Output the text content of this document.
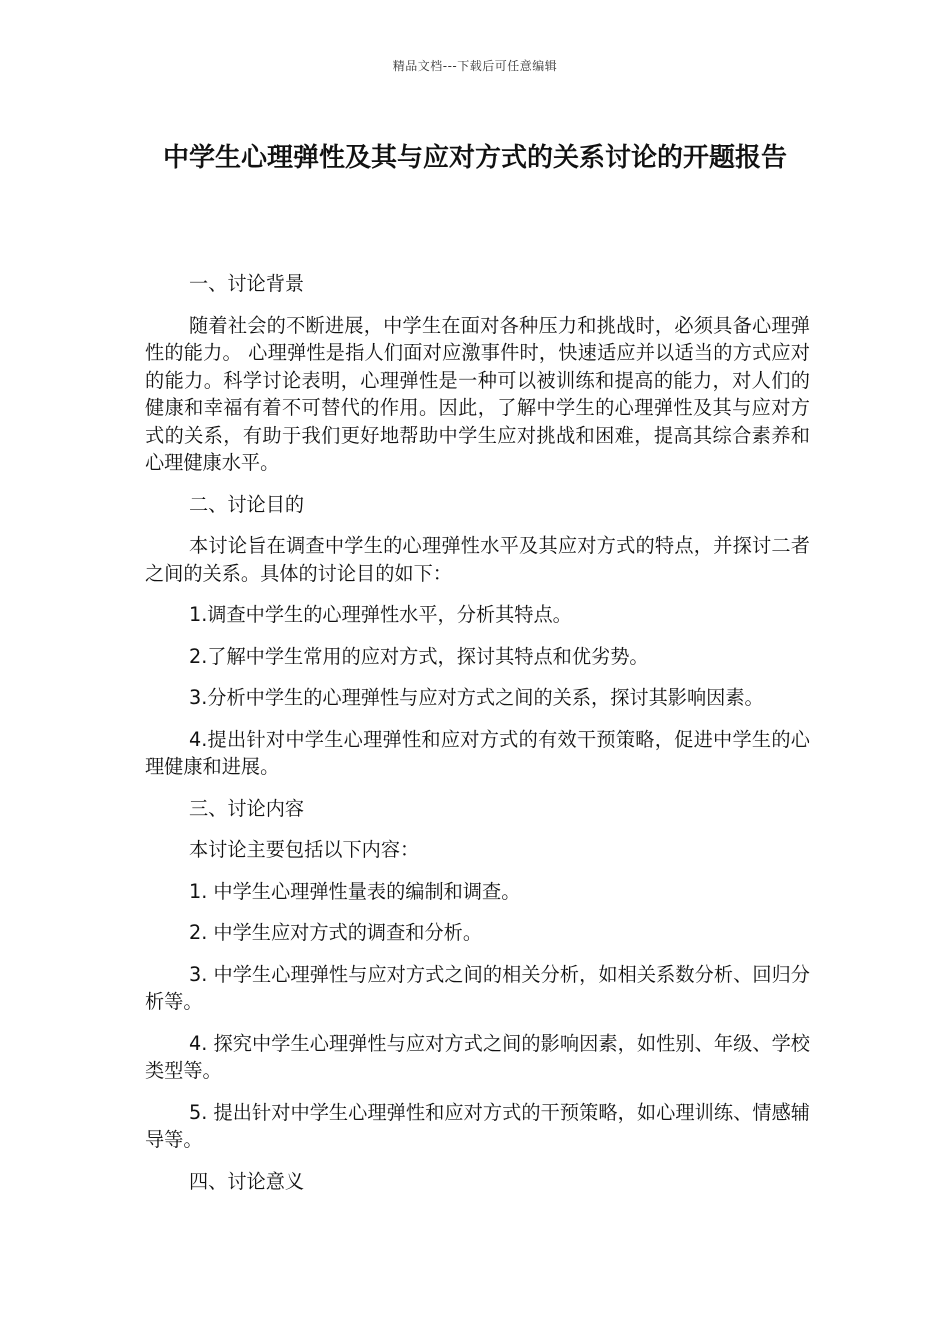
精品文档---下载后可任意编辑
中学生心理弹性及其与应对方式的关系讨论的开题报告
一、讨论背景

随着社会的不断进展，中学生在面对各种压力和挑战时，必须具备心理弹性的能力。 心理弹性是指人们面对应激事件时，快速适应并以适当的方式应对的能力。科学讨论表明，心理弹性是一种可以被训练和提高的能力，对人们的健康和幸福有着不可替代的作用。因此，了解中学生的心理弹性及其与应对方式的关系，有助于我们更好地帮助中学生应对挑战和困难，提高其综合素养和心理健康水平。

二、讨论目的

本讨论旨在调查中学生的心理弹性水平及其应对方式的特点，并探讨二者之间的关系。具体的讨论目的如下：

1.调查中学生的心理弹性水平，分析其特点。

2.了解中学生常用的应对方式，探讨其特点和优劣势。

3.分析中学生的心理弹性与应对方式之间的关系，探讨其影响因素。

4.提出针对中学生心理弹性和应对方式的有效干预策略，促进中学生的心理健康和进展。

三、讨论内容

本讨论主要包括以下内容：

1. 中学生心理弹性量表的编制和调查。

2. 中学生应对方式的调查和分析。

3. 中学生心理弹性与应对方式之间的相关分析，如相关系数分析、回归分析等。

4. 探究中学生心理弹性与应对方式之间的影响因素，如性别、年级、学校类型等。

5. 提出针对中学生心理弹性和应对方式的干预策略，如心理训练、情感辅导等。

四、讨论意义
